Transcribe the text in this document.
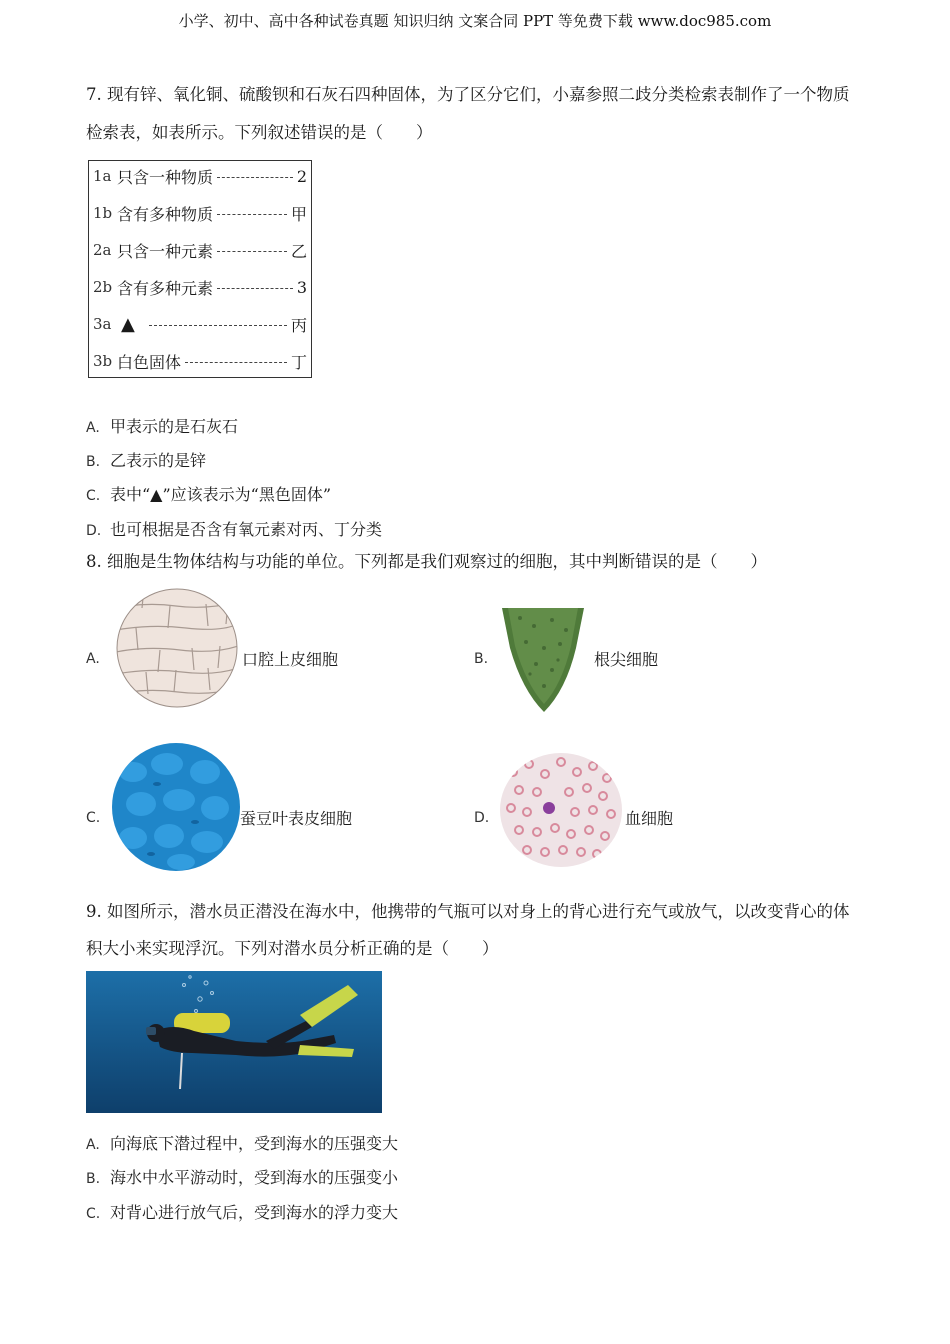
小学、初中、高中各种试卷真题 知识归纳 文案合同 PPT 等免费下载 www.doc985.com
7. 现有锌、氧化铜、硫酸钡和石灰石四种固体，为了区分它们，小嘉参照二歧分类检索表制作了一个物质
检索表，如表所示。下列叙述错误的是（　　）
1a 只含一种物质	2
1b 含有多种物质	甲
2a 只含一种元素	乙
2b 含有多种元素	3
3a ▲	丙
3b 白色固体	丁
A. 甲表示的是石灰石
B. 乙表示的是锌
C. 表中“▲”应该表示为“黑色固体”
D. 也可根据是否含有氧元素对丙、丁分类
8. 细胞是生物体结构与功能的单位。下列都是我们观察过的细胞，其中判断错误的是（　　）
A.	口腔上皮细胞	B.	根尖细胞
C.	蚕豆叶表皮细胞	D.	血细胞
9. 如图所示，潜水员正潜没在海水中，他携带的气瓶可以对身上的背心进行充气或放气，以改变背心的体
积大小来实现浮沉。下列对潜水员分析正确的是（　　）
A. 向海底下潜过程中，受到海水的压强变大
B. 海水中水平游动时，受到海水的压强变小
C. 对背心进行放气后，受到海水的浮力变大
